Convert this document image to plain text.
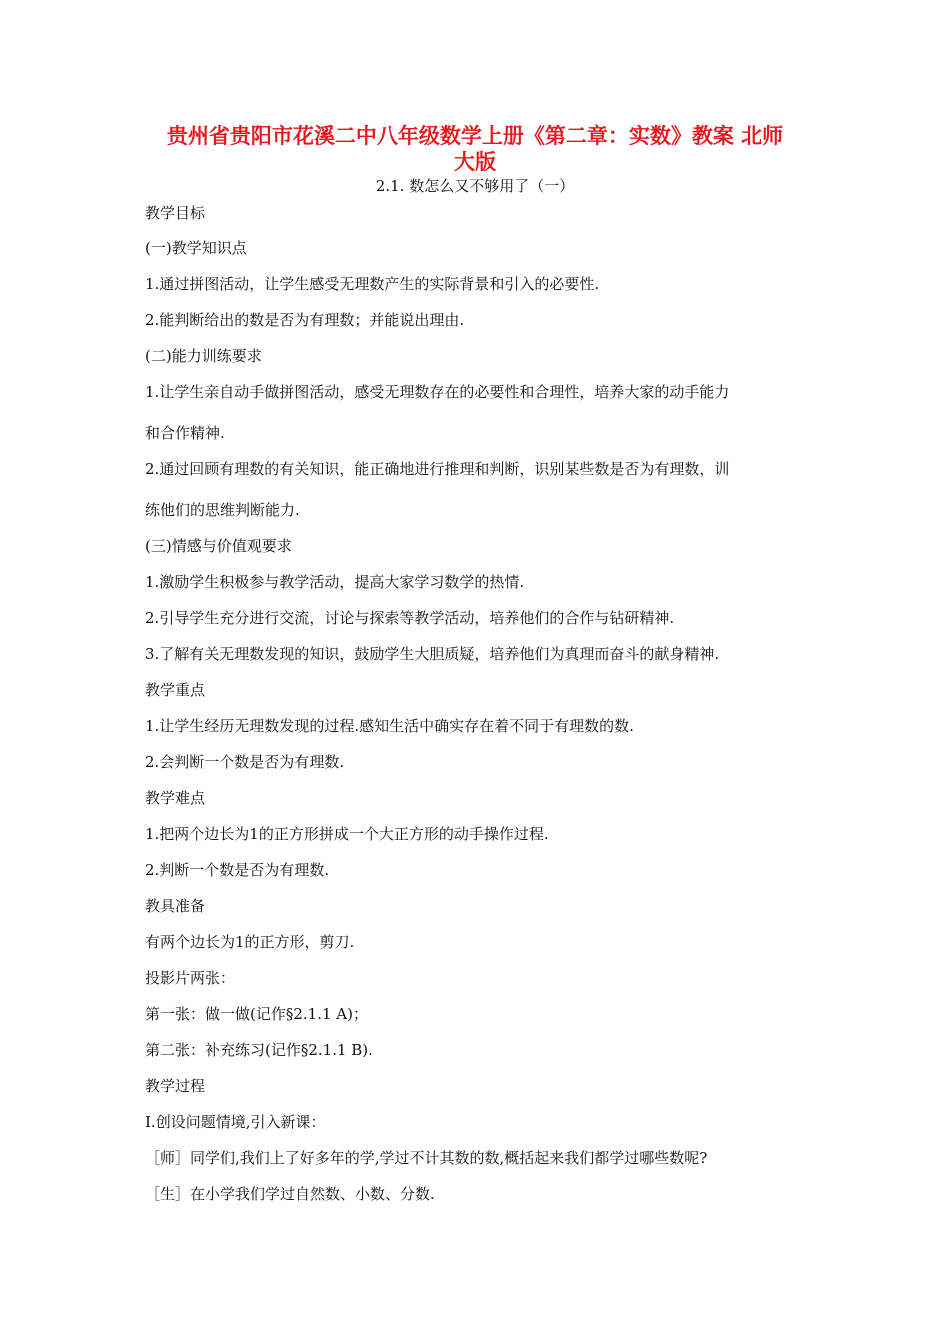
贵州省贵阳市花溪二中八年级数学上册《第二章：实数》教案 北师
大版
2.1. 数怎么又不够用了（一）
教学目标
(一)教学知识点
1.通过拼图活动，让学生感受无理数产生的实际背景和引入的必要性.
2.能判断给出的数是否为有理数；并能说出理由.
(二)能力训练要求
1.让学生亲自动手做拼图活动，感受无理数存在的必要性和合理性，培养大家的动手能力
和合作精神.
2.通过回顾有理数的有关知识，能正确地进行推理和判断，识别某些数是否为有理数，训
练他们的思维判断能力.
(三)情感与价值观要求
1.激励学生积极参与教学活动，提高大家学习数学的热情.
2.引导学生充分进行交流，讨论与探索等教学活动，培养他们的合作与钻研精神.
3.了解有关无理数发现的知识，鼓励学生大胆质疑，培养他们为真理而奋斗的献身精神.
教学重点
1.让学生经历无理数发现的过程.感知生活中确实存在着不同于有理数的数.
2.会判断一个数是否为有理数.
教学难点
1.把两个边长为1的正方形拼成一个大正方形的动手操作过程.
2.判断一个数是否为有理数.
教具准备
有两个边长为1的正方形，剪刀.
投影片两张：
第一张：做一做(记作§2.1.1 A)；
第二张：补充练习(记作§2.1.1 B).
教学过程
Ⅰ.创设问题情境,引入新课：
［师］同学们,我们上了好多年的学,学过不计其数的数,概括起来我们都学过哪些数呢?
［生］在小学我们学过自然数、小数、分数.
